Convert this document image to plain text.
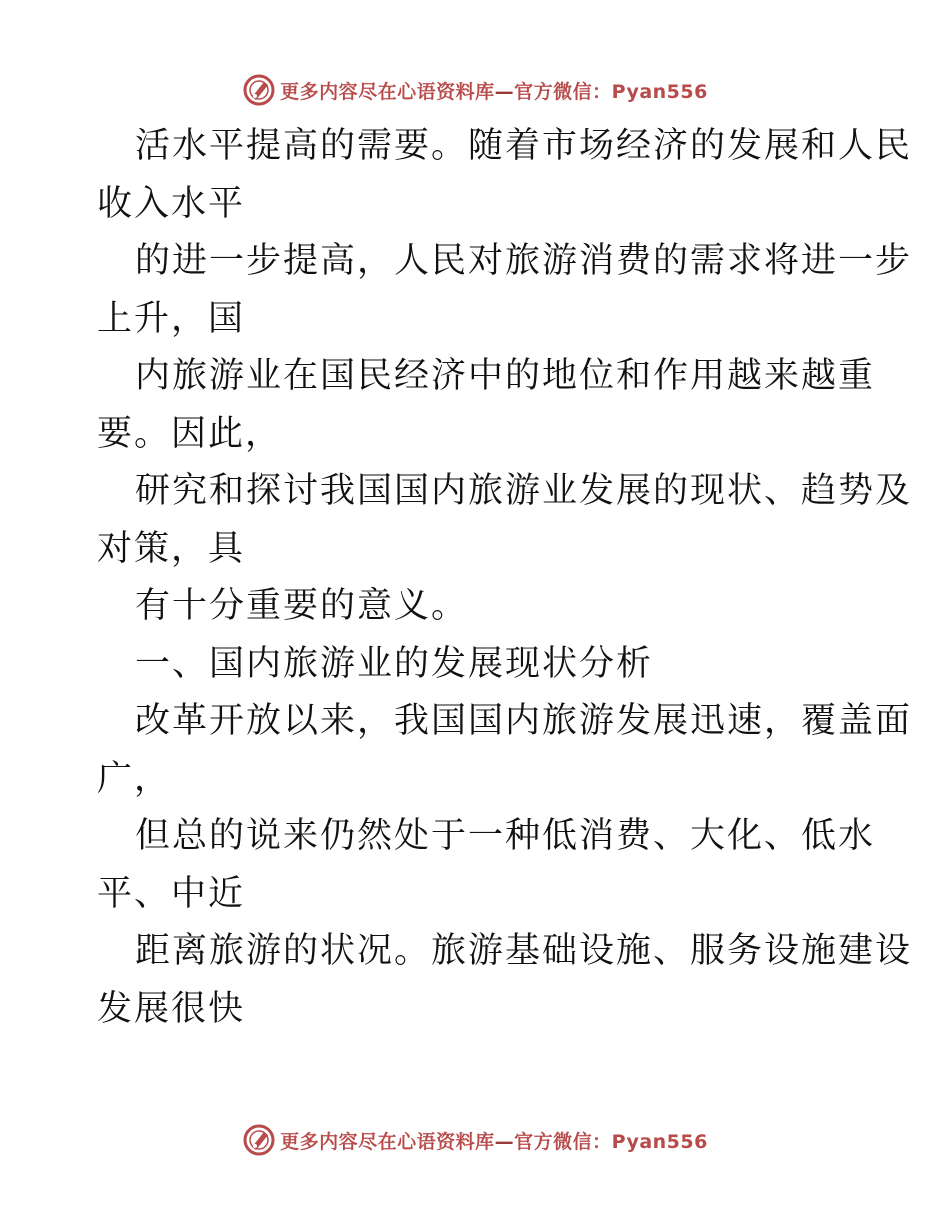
更多内容尽在心语资料库—官方微信：Pyan556
活水平提高的需要。随着市场经济的发展和人民
收入水平
的进一步提高，人民对旅游消费的需求将进一步
上升，国
内旅游业在国民经济中的地位和作用越来越重
要。因此，
研究和探讨我国国内旅游业发展的现状、趋势及
对策，具
有十分重要的意义。
一、国内旅游业的发展现状分析
改革开放以来，我国国内旅游发展迅速，覆盖面
广，
但总的说来仍然处于一种低消费、大化、低水
平、中近
距离旅游的状况。旅游基础设施、服务设施建设
发展很快
更多内容尽在心语资料库—官方微信：Pyan556
